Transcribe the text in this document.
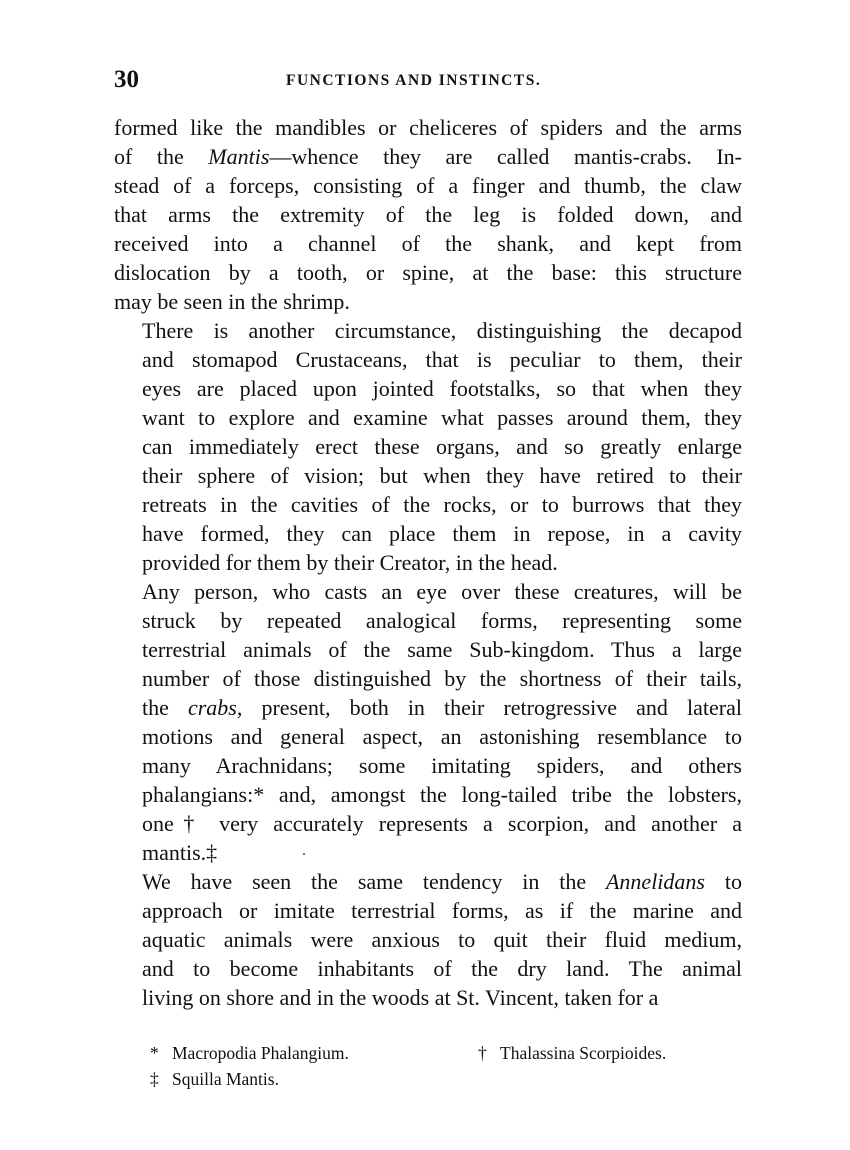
30	FUNCTIONS AND INSTINCTS.

formed like the mandibles or cheliceres of spiders and the arms
of the Mantis—whence they are called mantis-crabs. In-
stead of a forceps, consisting of a finger and thumb, the claw
that arms the extremity of the leg is folded down, and
received into a channel of the shank, and kept from
dislocation by a tooth, or spine, at the base: this structure
may be seen in the shrimp.

There is another circumstance, distinguishing the decapod
and stomapod Crustaceans, that is peculiar to them, their
eyes are placed upon jointed footstalks, so that when they
want to explore and examine what passes around them, they
can immediately erect these organs, and so greatly enlarge
their sphere of vision; but when they have retired to their
retreats in the cavities of the rocks, or to burrows that they
have formed, they can place them in repose, in a cavity
provided for them by their Creator, in the head.

Any person, who casts an eye over these creatures, will be
struck by repeated analogical forms, representing some
terrestrial animals of the same Sub-kingdom. Thus a large
number of those distinguished by the shortness of their tails,
the crabs, present, both in their retrogressive and lateral
motions and general aspect, an astonishing resemblance to
many Arachnidans; some imitating spiders, and others
phalangians:* and, amongst the long-tailed tribe the lobsters,
one† very accurately represents a scorpion, and another a
mantis.‡

We have seen the same tendency in the Annelidans to
approach or imitate terrestrial forms, as if the marine and
aquatic animals were anxious to quit their fluid medium,
and to become inhabitants of the dry land. The animal
living on shore and in the woods at St. Vincent, taken for a

* Macropodia Phalangium.	† Thalassina Scorpioides.
‡ Squilla Mantis.
